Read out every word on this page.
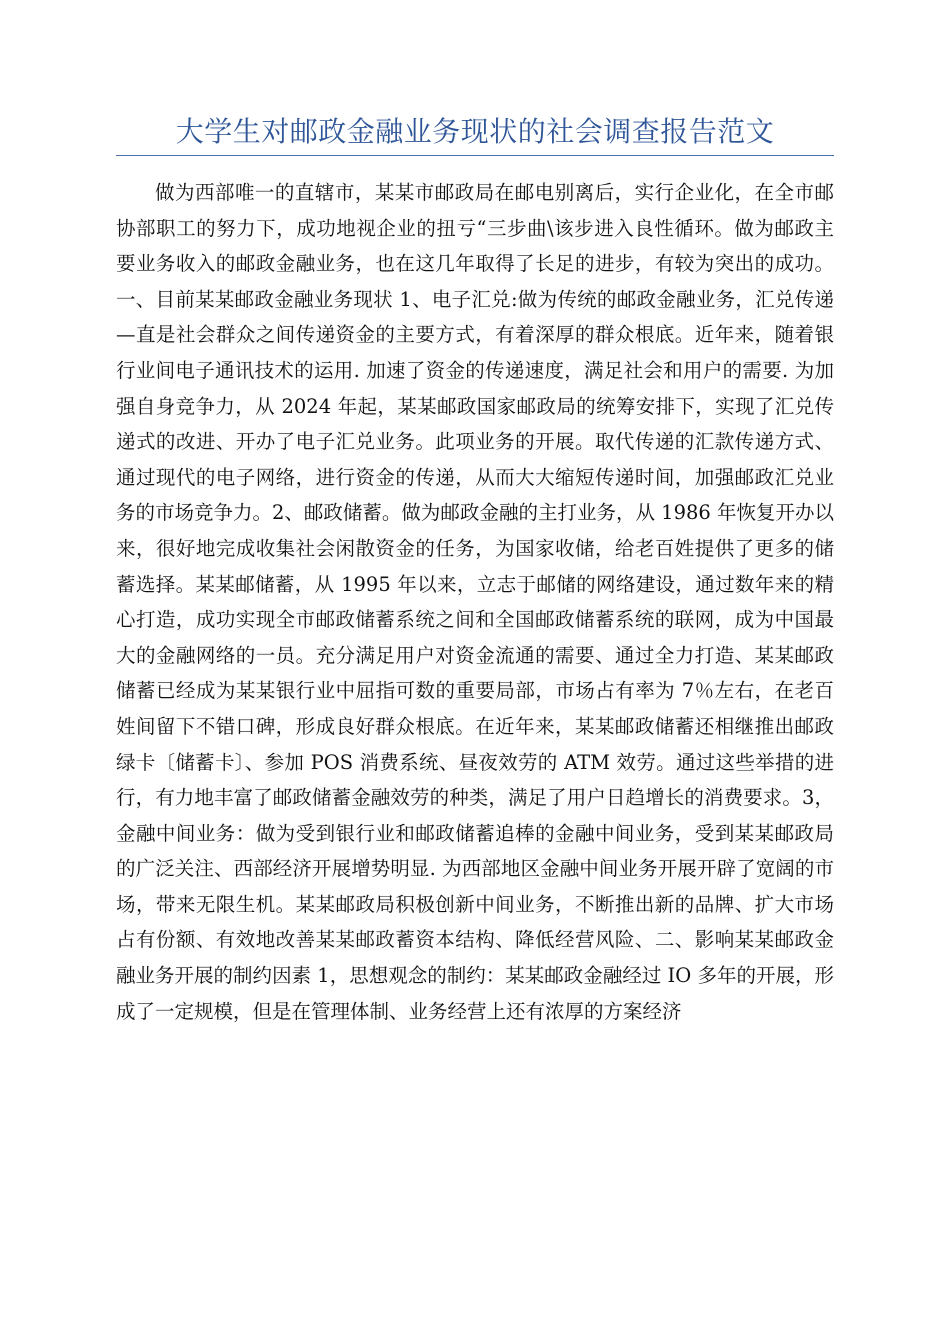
大学生对邮政金融业务现状的社会调查报告范文

做为西部唯一的直辖市，某某市邮政局在邮电别离后，实行企业化，在全市邮协部职工的努力下，成功地视企业的扭亏“三步曲\该步进入良性循环。做为邮政主要业务收入的邮政金融业务，也在这几年取得了长足的进步，有较为突出的成功。一、目前某某邮政金融业务现状 1、电子汇兑:做为传统的邮政金融业务，汇兑传递—直是社会群众之间传递资金的主要方式，有着深厚的群众根底。近年来，随着银行业间电子通讯技术的运用. 加速了资金的传递速度，满足社会和用户的需要. 为加强自身竞争力，从 2024 年起，某某邮政国家邮政局的统筹安排下，实现了汇兑传递式的改进、开办了电子汇兑业务。此项业务的开展。取代传递的汇款传递方式、通过现代的电子网络，进行资金的传递，从而大大缩短传递时间，加强邮政汇兑业务的市场竞争力。2、邮政储蓄。做为邮政金融的主打业务，从 1986 年恢复开办以来，很好地完成收集社会闲散资金的任务，为国家收储，给老百姓提供了更多的储蓄选择。某某邮储蓄，从 1995 年以来，立志于邮储的网络建设，通过数年来的精心打造，成功实现全市邮政储蓄系统之间和全国邮政储蓄系统的联网，成为中国最大的金融网络的一员。充分满足用户对资金流通的需要、通过全力打造、某某邮政储蓄已经成为某某银行业中屈指可数的重要局部，市场占有率为 7％左右，在老百姓间留下不错口碑，形成良好群众根底。在近年来，某某邮政储蓄还相继推出邮政绿卡〔储蓄卡〕、参加 POS 消费系统、昼夜效劳的 ATM 效劳。通过这些举措的进行，有力地丰富了邮政储蓄金融效劳的种类，满足了用户日趋增长的消费要求。3，金融中间业务：做为受到银行业和邮政储蓄追棒的金融中间业务，受到某某邮政局的广泛关注、西部经济开展增势明显. 为西部地区金融中间业务开展开辟了宽阔的市场，带来无限生机。某某邮政局积极创新中间业务，不断推出新的品牌、扩大市场占有份额、有效地改善某某邮政蓄资本结构、降低经营风险、二、影响某某邮政金融业务开展的制约因素 1，思想观念的制约：某某邮政金融经过 IO 多年的开展，形成了一定规模，但是在管理体制、业务经营上还有浓厚的方案经济
